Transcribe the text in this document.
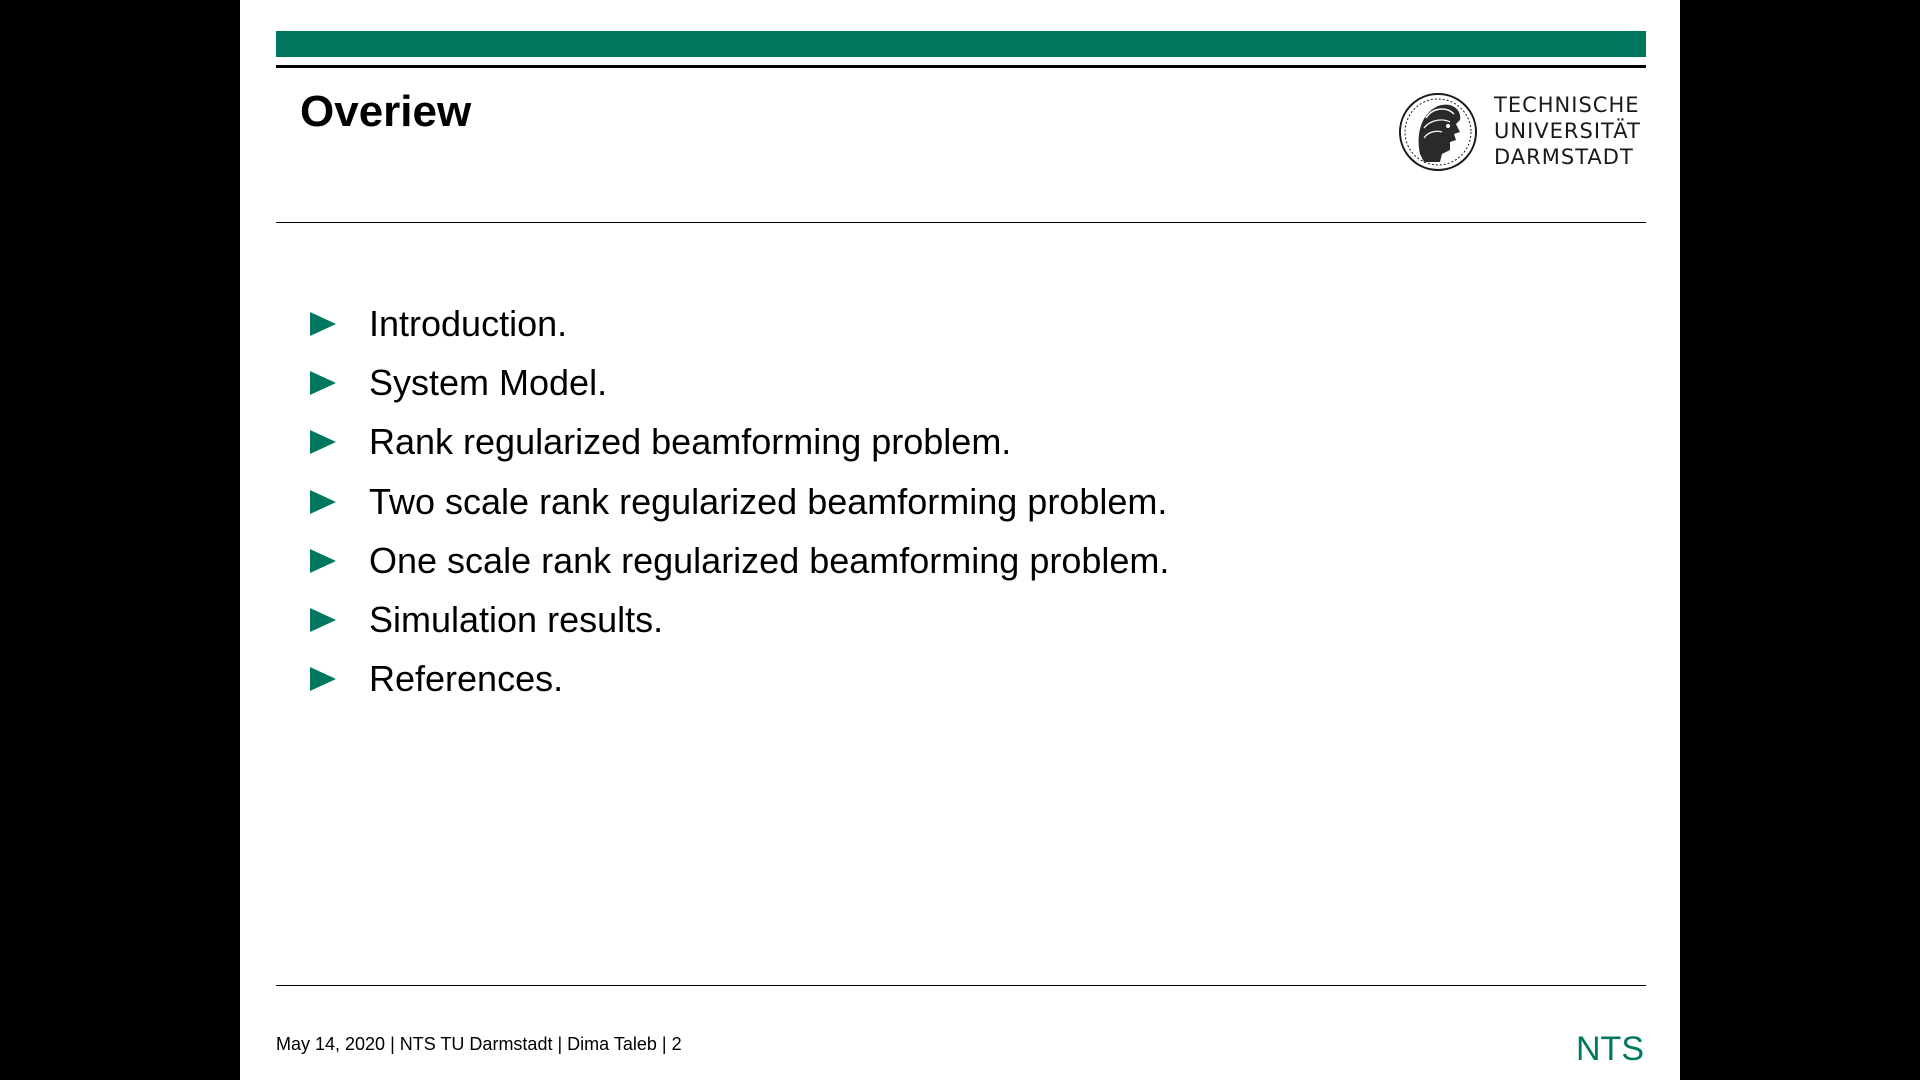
Overiew	TECHNISCHE
UNIVERSITÄT
DARMSTADT
Introduction.
System Model.
Rank regularized beamforming problem.
Two scale rank regularized beamforming problem.
One scale rank regularized beamforming problem.
Simulation results.
References.
May 14, 2020 | NTS TU Darmstadt | Dima Taleb | 2	NTS
